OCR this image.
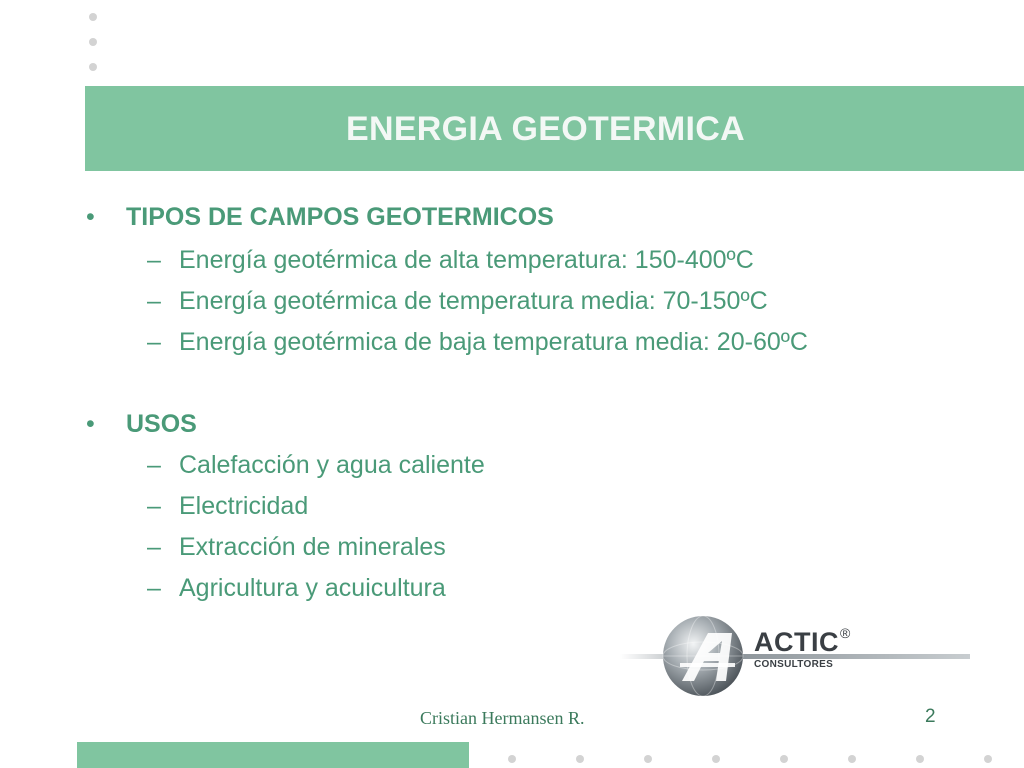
ENERGIA GEOTERMICA
• TIPOS DE CAMPOS GEOTERMICOS
– Energía geotérmica de alta temperatura: 150-400ºC
– Energía geotérmica de temperatura media: 70-150ºC
– Energía geotérmica de baja temperatura media: 20-60ºC
• USOS
– Calefacción y agua caliente
– Electricidad
– Extracción de minerales
– Agricultura y acuicultura
ACTIC ®
CONSULTORES
Cristian Hermansen R.	2
